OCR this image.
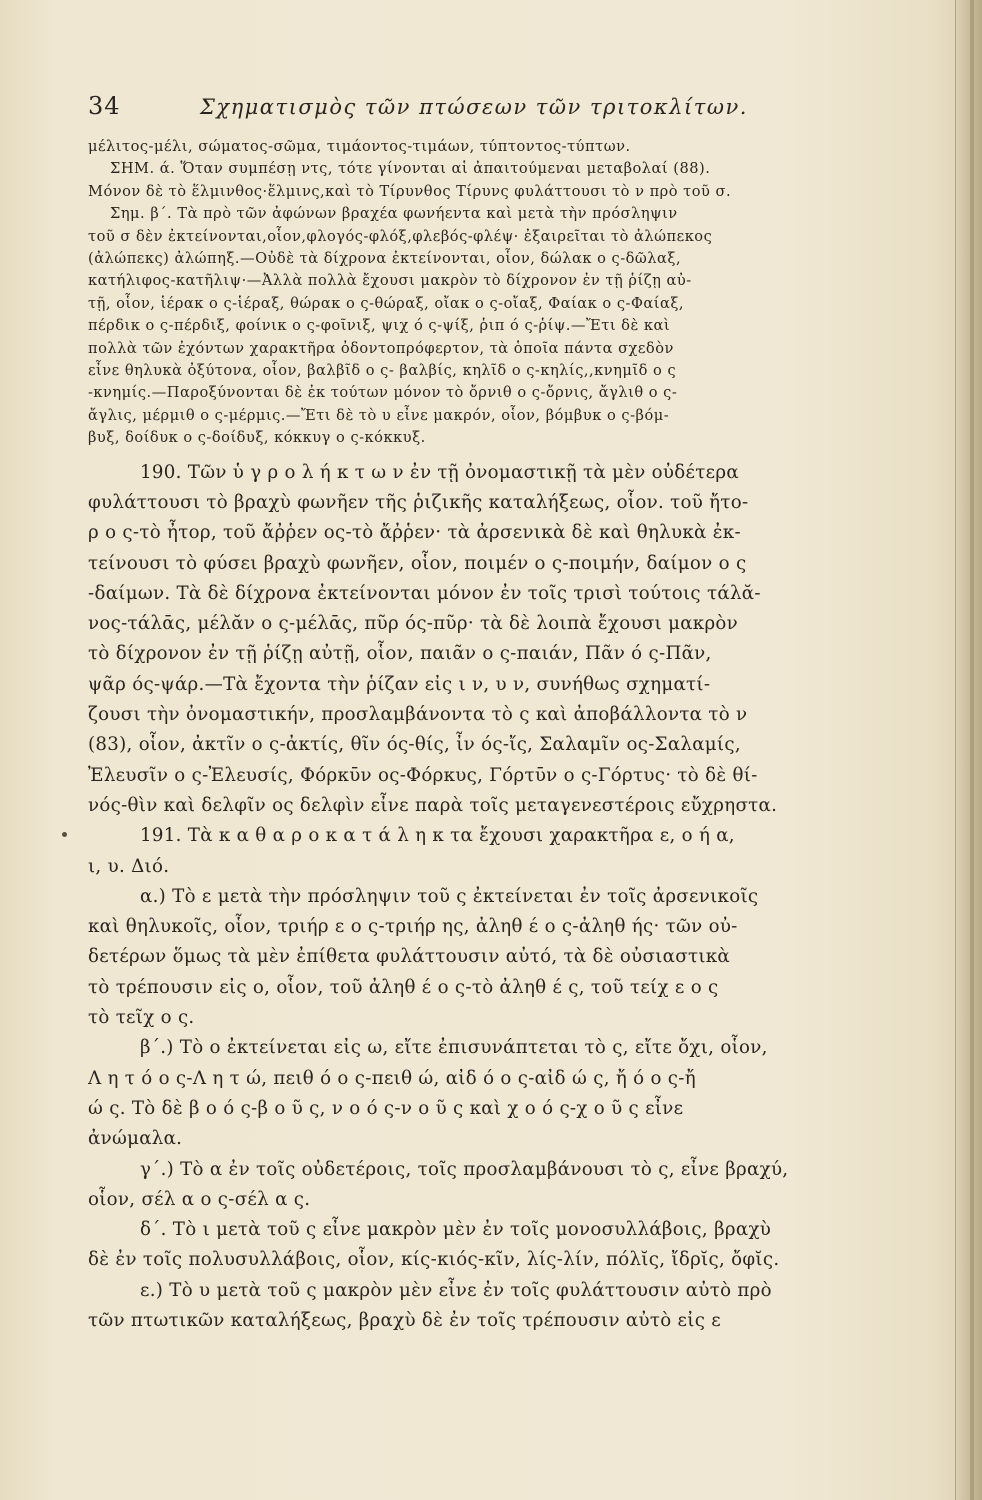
34	Σχηματισμὸς τῶν πτώσεων τῶν τριτοκλίτων.
μέλιτος-μέλι, σώματος-σῶμα, τιμάοντος-τιμάων, τύπτοντος-τύπτων.
ΣΗΜ. ά. Ὅταν συμπέσῃ ντς, τότε γίνονται αἱ ἀπαιτούμεναι μεταβολαί (88).
Μόνον δὲ τὸ ἕλμινθος·ἕλμινς,καὶ τὸ Τίρυνθος Τίρυνς φυλάττουσι τὸ ν πρὸ τοῦ σ.
Σημ. β΄. Τὰ πρὸ τῶν ἀφώνων βραχέα φωνήεντα καὶ μετὰ τὴν πρόσληψιν
τοῦ σ δὲν ἐκτείνονται,οἷον,φλογός-φλόξ,φλεβός-φλέψ· ἐξαιρεῖται τὸ ἀλώπεκος
(ἀλώπεκς) ἀλώπηξ.—Οὐδὲ τὰ δίχρονα ἐκτείνονται, οἷον, δώλακ ο ς-δῶλαξ,
κατήλιφος-κατῆλιψ·—Ἀλλὰ πολλὰ ἔχουσι μακρὸν τὸ δίχρονον ἐν τῇ ῥίζῃ αὐ-
τῇ, οἷον, ἱέρακ ο ς-ἱέραξ, θώρακ ο ς-θώραξ, οἴακ ο ς-οἴαξ, Φαίακ ο ς-Φαίαξ,
πέρδικ ο ς-πέρδιξ, φοίνικ ο ς-φοῖνιξ, ψιχ ό ς-ψίξ, ῥιπ ό ς-ῥίψ.—Ἔτι δὲ καὶ
πολλὰ τῶν ἐχόντων χαρακτῆρα ὀδοντοπρόφερτον, τὰ ὁποῖα πάντα σχεδὸν
εἶνε θηλυκὰ ὀξύτονα, οἷον, βαλβῖδ ο ς- βαλβίς, κηλῖδ ο ς-κηλίς,,κνημῖδ ο ς
-κνημίς.—Παροξύνονται δὲ ἐκ τούτων μόνον τὸ ὄρνιθ ο ς-ὄρνις, ἄγλιθ ο ς-
ἄγλις, μέρμιθ ο ς-μέρμις.—Ἔτι δὲ τὸ υ εἶνε μακρόν, οἷον, βόμβυκ ο ς-βόμ-
βυξ, δοίδυκ ο ς-δοίδυξ, κόκκυγ ο ς-κόκκυξ.
190. Τῶν ὑ γ ρ ο λ ή κ τ ω ν ἐν τῇ ὀνομαστικῇ τὰ μὲν οὐδέτερα
φυλάττουσι τὸ βραχὺ φωνῆεν τῆς ῥιζικῆς καταλήξεως, οἷον. τοῦ ἤτο-
ρ ο ς-τὸ ἦτορ, τοῦ ἄῤῥεν ος-τὸ ἄῤῥεν· τὰ ἀρσενικὰ δὲ καὶ θηλυκὰ ἐκ-
τείνουσι τὸ φύσει βραχὺ φωνῆεν, οἷον, ποιμέν ο ς-ποιμήν, δαίμον ο ς
-δαίμων. Τὰ δὲ δίχρονα ἐκτείνονται μόνον ἐν τοῖς τρισὶ τούτοις τάλᾰ-
νος-τάλᾱς, μέλᾰν ο ς-μέλᾱς, πῦρ ός-πῦρ· τὰ δὲ λοιπὰ ἔχουσι μακρὸν
τὸ δίχρονον ἐν τῇ ῥίζῃ αὐτῇ, οἷον, παιᾶν ο ς-παιάν, Πᾶν ό ς-Πᾶν,
ψᾶρ ός-ψάρ.—Τὰ ἔχοντα τὴν ῥίζαν εἰς ι ν, υ ν, συνήθως σχηματί-
ζουσι τὴν ὀνομαστικήν, προσλαμβάνοντα τὸ ς καὶ ἀποβάλλοντα τὸ ν
(83), οἷον, ἀκτῖν ο ς-ἀκτίς, θῖν ός-θίς, ἶν ός-ἴς, Σαλαμῖν ος-Σαλαμίς,
Ἐλευσῖν ο ς-Ἐλευσίς, Φόρκῡν ος-Φόρκυς, Γόρτῡν ο ς-Γόρτυς· τὸ δὲ θί-
νός-θὶν καὶ δελφῖν ος δελφὶν εἶνε παρὰ τοῖς μεταγενεστέροις εὔχρηστα.
191. Τὰ κ α θ α ρ ο κ α τ ά λ η κ τα ἔχουσι χαρακτῆρα ε, ο ή α,
ι, υ. Διό.
α.) Τὸ ε μετὰ τὴν πρόσληψιν τοῦ ς ἐκτείνεται ἐν τοῖς ἀρσενικοῖς
καὶ θηλυκοῖς, οἷον, τριήρ ε ο ς-τριήρ ης, ἀληθ έ ο ς-ἀληθ ής· τῶν οὐ-
δετέρων ὅμως τὰ μὲν ἐπίθετα φυλάττουσιν αὐτό, τὰ δὲ οὐσιαστικὰ
τὸ τρέπουσιν εἰς ο, οἷον, τοῦ ἀληθ έ ο ς-τὸ ἀληθ έ ς, τοῦ τείχ ε ο ς
τὸ τεῖχ ο ς.
β΄.) Τὸ ο ἐκτείνεται εἰς ω, εἴτε ἐπισυνάπτεται τὸ ς, εἴτε ὄχι, οἷον,
Λ η τ ό ο ς-Λ η τ ώ, πειθ ό ο ς-πειθ ώ, αἰδ ό ο ς-αἰδ ώ ς, ἤ ό ο ς-ἤ
ώ ς. Τὸ δὲ β ο ό ς-β ο ῦ ς, ν ο ό ς-ν ο ῦ ς καὶ χ ο ό ς-χ ο ῦ ς εἶνε
ἀνώμαλα.
γ΄.) Τὸ α ἐν τοῖς οὐδετέροις, τοῖς προσλαμβάνουσι τὸ ς, εἶνε βραχύ,
οἷον, σέλ α ο ς-σέλ α ς.
δ΄. Τὸ ι μετὰ τοῦ ς εἶνε μακρὸν μὲν ἐν τοῖς μονοσυλλάβοις, βραχὺ
δὲ ἐν τοῖς πολυσυλλάβοις, οἷον, κίς-κιός-κῖν, λίς-λίν, πόλῐς, ἴδρῐς, ὄφῐς.
ε.) Τὸ υ μετὰ τοῦ ς μακρὸν μὲν εἶνε ἐν τοῖς φυλάττουσιν αὐτὸ πρὸ
τῶν πτωτικῶν καταλήξεως, βραχὺ δὲ ἐν τοῖς τρέπουσιν αὐτὸ εἰς ε
